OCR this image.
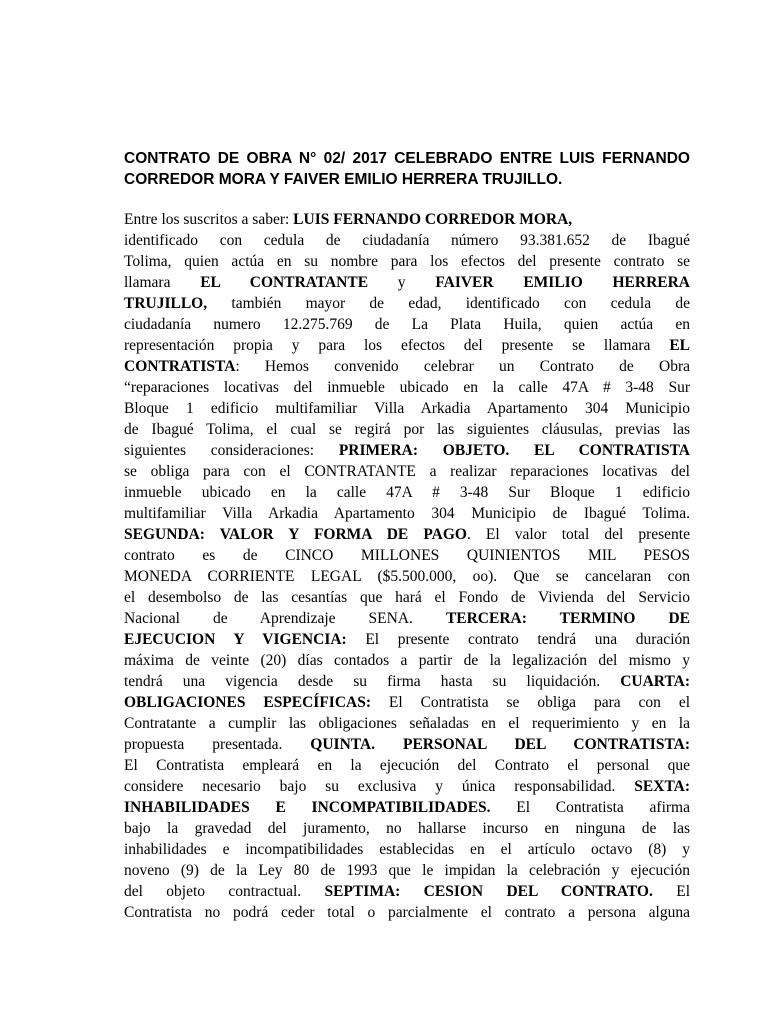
CONTRATO DE OBRA N° 02/ 2017 CELEBRADO ENTRE LUIS FERNANDO CORREDOR MORA Y FAIVER EMILIO HERRERA TRUJILLO.
Entre los suscritos a saber: LUIS FERNANDO CORREDOR MORA,
identificado con cedula de ciudadanía número 93.381.652 de Ibagué
Tolima, quien actúa en su nombre para los efectos del presente contrato se
llamara EL CONTRATANTE y FAIVER EMILIO HERRERA
TRUJILLO, también mayor de edad, identificado con cedula de
ciudadanía numero 12.275.769 de La Plata Huila, quien actúa en
representación propia y para los efectos del presente se llamara EL
CONTRATISTA: Hemos convenido celebrar un Contrato de Obra
“reparaciones locativas del inmueble ubicado en la calle 47A # 3-48 Sur
Bloque 1 edificio multifamiliar Villa Arkadia Apartamento 304 Municipio
de Ibagué Tolima, el cual se regirá por las siguientes cláusulas, previas las
siguientes consideraciones: PRIMERA: OBJETO. EL CONTRATISTA
se obliga para con el CONTRATANTE a realizar reparaciones locativas del
inmueble ubicado en la calle 47A # 3-48 Sur Bloque 1 edificio
multifamiliar Villa Arkadia Apartamento 304 Municipio de Ibagué Tolima.
SEGUNDA: VALOR Y FORMA DE PAGO. El valor total del presente
contrato es de CINCO MILLONES QUINIENTOS MIL PESOS
MONEDA CORRIENTE LEGAL ($5.500.000, oo). Que se cancelaran con
el desembolso de las cesantías que hará el Fondo de Vivienda del Servicio
Nacional de Aprendizaje SENA. TERCERA: TERMINO DE
EJECUCION Y VIGENCIA: El presente contrato tendrá una duración
máxima de veinte (20) días contados a partir de la legalización del mismo y
tendrá una vigencia desde su firma hasta su liquidación. CUARTA:
OBLIGACIONES ESPECÍFICAS: El Contratista se obliga para con el
Contratante a cumplir las obligaciones señaladas en el requerimiento y en la
propuesta presentada. QUINTA. PERSONAL DEL CONTRATISTA:
El Contratista empleará en la ejecución del Contrato el personal que
considere necesario bajo su exclusiva y única responsabilidad. SEXTA:
INHABILIDADES E INCOMPATIBILIDADES. El Contratista afirma
bajo la gravedad del juramento, no hallarse incurso en ninguna de las
inhabilidades e incompatibilidades establecidas en el artículo octavo (8) y
noveno (9) de la Ley 80 de 1993 que le impidan la celebración y ejecución
del objeto contractual. SEPTIMA: CESION DEL CONTRATO. El
Contratista no podrá ceder total o parcialmente el contrato a persona alguna
